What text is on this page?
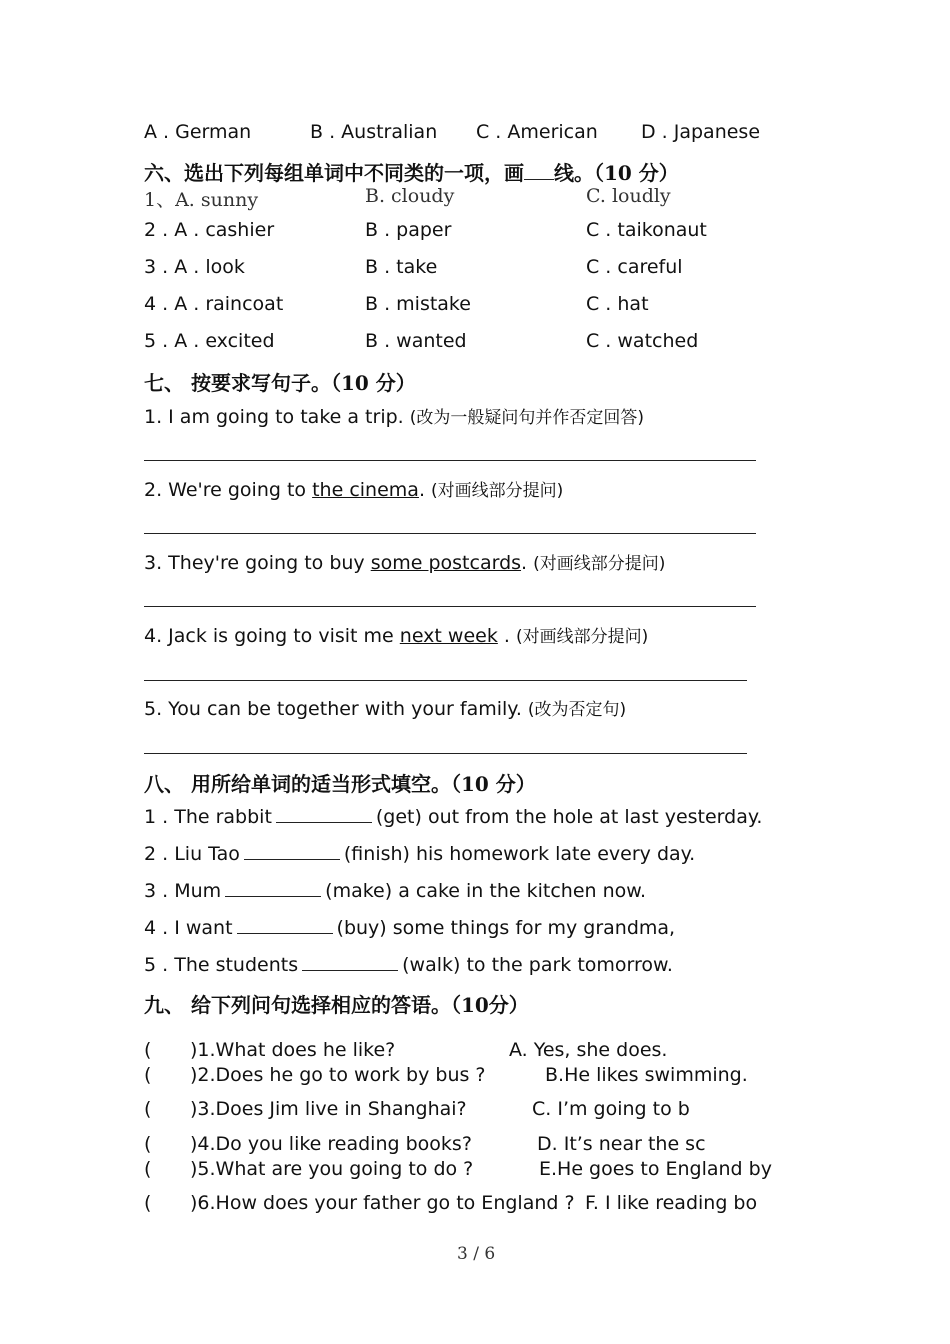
A . German	B . Australian C . American D . Japanese
六、选出下列每组单词中不同类的一项，画 线。（10 分）
1、A. sunny	B. cloudy	C. loudly
2 . A . cashier	B . paper	C . taikonaut
3 . A . look	B . take	C . careful
4 . A . raincoat	B . mistake	C . hat
5 . A . excited	B . wanted	C . watched
七、 按要求写句子。（10 分）
1. I am going to take a trip. (改为一般疑问句并作否定回答)
2. We're going to the cinema. (对画线部分提问)
3. They're going to buy some postcards. (对画线部分提问)
4. Jack is going to visit me next week . (对画线部分提问)
5. You can be together with your family. (改为否定句)
八、 用所给单词的适当形式填空。（10 分）
1 . The rabbit	(get) out from the hole at last yesterday.
2 . Liu Tao	(finish) his homework late every day.
3 . Mum	(make) a cake in the kitchen now.
4 . I want	(buy) some things for my grandma,
5 . The students	(walk) to the park tomorrow.
九、 给下列问句选择相应的答语。（10分）
( )1.What does he like?	A. Yes, she does.
( )2.Does he go to work by bus ?	B.He likes swimming.
( )3.Does Jim live in Shanghai?	C. I’m going to b
( )4.Do you like reading books?	D. It’s near the sc
( )5.What are you going to do ?	E.He goes to England by
( )6.How does your father go to England ? F. I like reading bo
3 / 6
